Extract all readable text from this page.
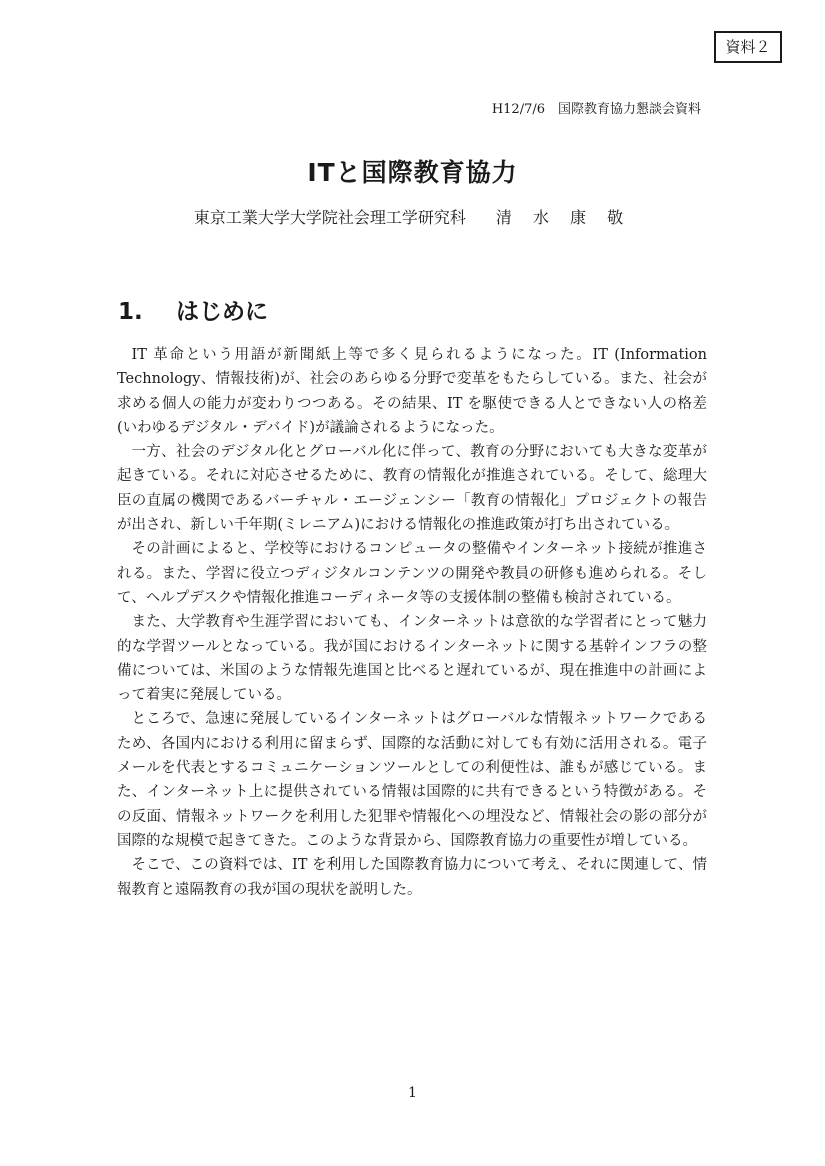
資料２
H12/7/6　国際教育協力懇談会資料
ITと国際教育協力
東京工業大学大学院社会理工学研究科 清 水 康 敬
1. はじめに

IT 革命という用語が新聞紙上等で多く見られるようになった。IT (Information Technology、情報技術)が、社会のあらゆる分野で変革をもたらしている。また、社会が求める個人の能力が変わりつつある。その結果、IT を駆使できる人とできない人の格差(いわゆるデジタル・デバイド)が議論されるようになった。

一方、社会のデジタル化とグローバル化に伴って、教育の分野においても大きな変革が起きている。それに対応させるために、教育の情報化が推進されている。そして、総理大臣の直属の機関であるバーチャル・エージェンシー「教育の情報化」プロジェクトの報告が出され、新しい千年期(ミレニアム)における情報化の推進政策が打ち出されている。

その計画によると、学校等におけるコンピュータの整備やインターネット接続が推進される。また、学習に役立つディジタルコンテンツの開発や教員の研修も進められる。そして、ヘルプデスクや情報化推進コーディネータ等の支援体制の整備も検討されている。

また、大学教育や生涯学習においても、インターネットは意欲的な学習者にとって魅力的な学習ツールとなっている。我が国におけるインターネットに関する基幹インフラの整備については、米国のような情報先進国と比べると遅れているが、現在推進中の計画によって着実に発展している。

ところで、急速に発展しているインターネットはグローバルな情報ネットワークであるため、各国内における利用に留まらず、国際的な活動に対しても有効に活用される。電子メールを代表とするコミュニケーションツールとしての利便性は、誰もが感じている。また、インターネット上に提供されている情報は国際的に共有できるという特徴がある。その反面、情報ネットワークを利用した犯罪や情報化への埋没など、情報社会の影の部分が国際的な規模で起きてきた。このような背景から、国際教育協力の重要性が増している。

そこで、この資料では、IT を利用した国際教育協力について考え、それに関連して、情報教育と遠隔教育の我が国の現状を説明した。

1
